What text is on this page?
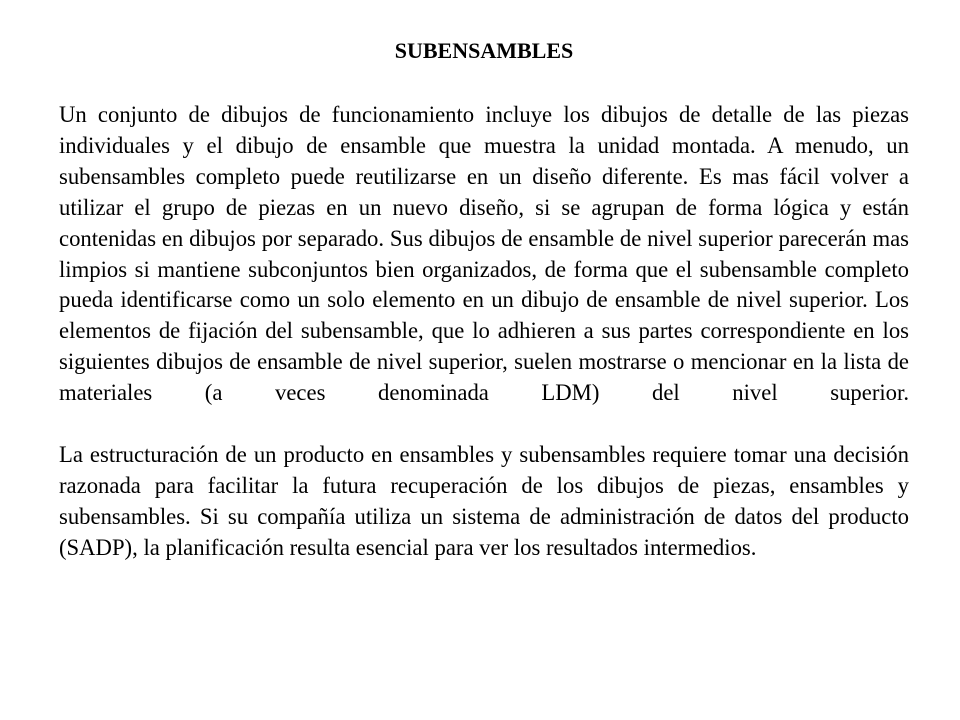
SUBENSAMBLES

Un conjunto de dibujos de funcionamiento incluye los dibujos de detalle de las piezas individuales y el dibujo de ensamble que muestra la unidad montada. A menudo, un subensambles completo puede reutilizarse en un diseño diferente. Es mas fácil volver a utilizar el grupo de piezas en un nuevo diseño, si se agrupan de forma lógica y están contenidas en dibujos por separado. Sus dibujos de ensamble de nivel superior parecerán mas limpios si mantiene subconjuntos bien organizados, de forma que el subensamble completo pueda identificarse como un solo elemento en un dibujo de ensamble de nivel superior. Los elementos de fijación del subensamble, que lo adhieren a sus partes correspondiente en los siguientes dibujos de ensamble de nivel superior, suelen mostrarse o mencionar en la lista de materiales (a veces denominada LDM) del nivel superior.

La estructuración de un producto en ensambles y subensambles requiere tomar una decisión razonada para facilitar la futura recuperación de los dibujos de piezas, ensambles y subensambles. Si su compañía utiliza un sistema de administración de datos del producto (SADP), la planificación resulta esencial para ver los resultados intermedios.
